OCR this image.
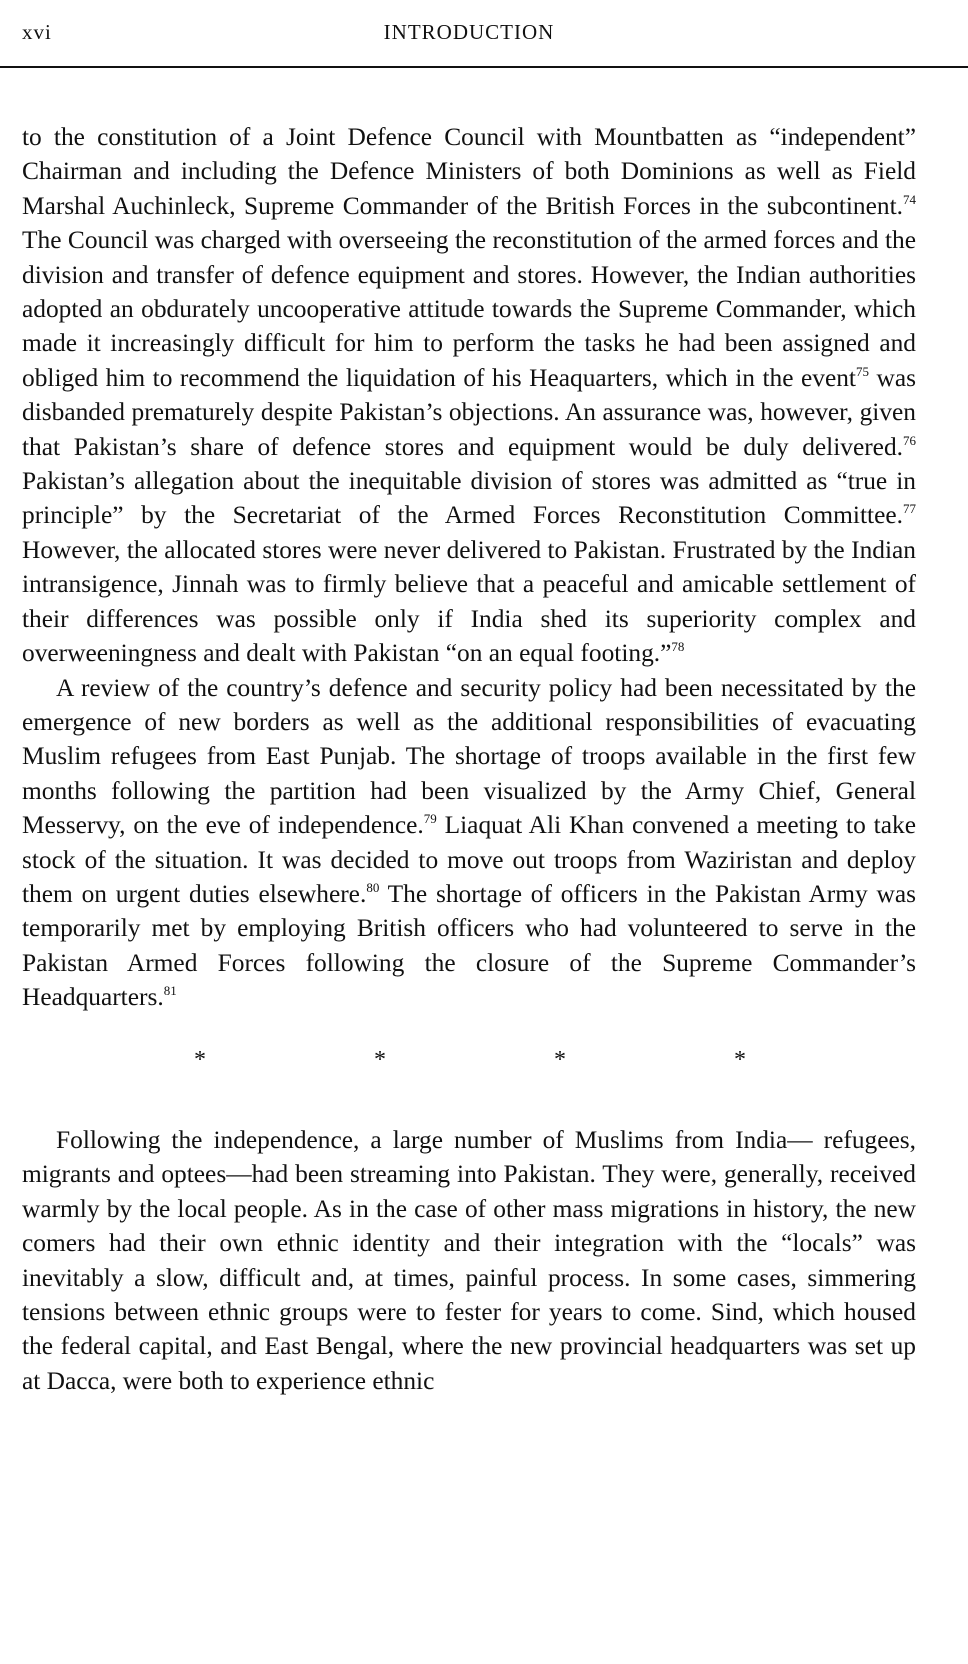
xvi	INTRODUCTION

to the constitution of a Joint Defence Council with Mountbatten as “independent” Chairman and including the Defence Ministers of both Dominions as well as Field Marshal Auchinleck, Supreme Commander of the British Forces in the subcontinent.$^{74}$ The Council was charged with overseeing the reconstitution of the armed forces and the division and transfer of defence equipment and stores. However, the Indian authorities adopted an obdurately uncooperative attitude towards the Supreme Commander, which made it increasingly difficult for him to perform the tasks he had been assigned and obliged him to recommend the liquidation of his Heaquarters, which in the event$^{75}$ was disbanded prematurely despite Pakistan’s objections. An assurance was, however, given that Pakistan’s share of defence stores and equipment would be duly delivered.$^{76}$ Pakistan’s allegation about the inequitable division of stores was admitted as “true in principle” by the Secretariat of the Armed Forces Reconstitution Committee.$^{77}$ However, the allocated stores were never delivered to Pakistan. Frustrated by the Indian intransigence, Jinnah was to firmly believe that a peaceful and amicable settlement of their differences was possible only if India shed its superiority complex and overweeningness and dealt with Pakistan “on an equal footing.”$^{78}$

A review of the country’s defence and security policy had been necessitated by the emergence of new borders as well as the additional responsibilities of evacuating Muslim refugees from East Punjab. The shortage of troops available in the first few months following the partition had been visualized by the Army Chief, General Messervy, on the eve of independence.$^{79}$ Liaquat Ali Khan convened a meeting to take stock of the situation. It was decided to move out troops from Waziristan and deploy them on urgent duties elsewhere.$^{80}$ The shortage of officers in the Pakistan Army was temporarily met by employing British officers who had volunteered to serve in the Pakistan Armed Forces following the closure of the Supreme Commander’s Headquarters.$^{81}$

*	*	*	*

Following the independence, a large number of Muslims from India— refugees, migrants and optees—had been streaming into Pakistan. They were, generally, received warmly by the local people. As in the case of other mass migrations in history, the new comers had their own ethnic identity and their integration with the “locals” was inevitably a slow, difficult and, at times, painful process. In some cases, simmering tensions between ethnic groups were to fester for years to come. Sind, which housed the federal capital, and East Bengal, where the new provincial headquarters was set up at Dacca, were both to experience ethnic
